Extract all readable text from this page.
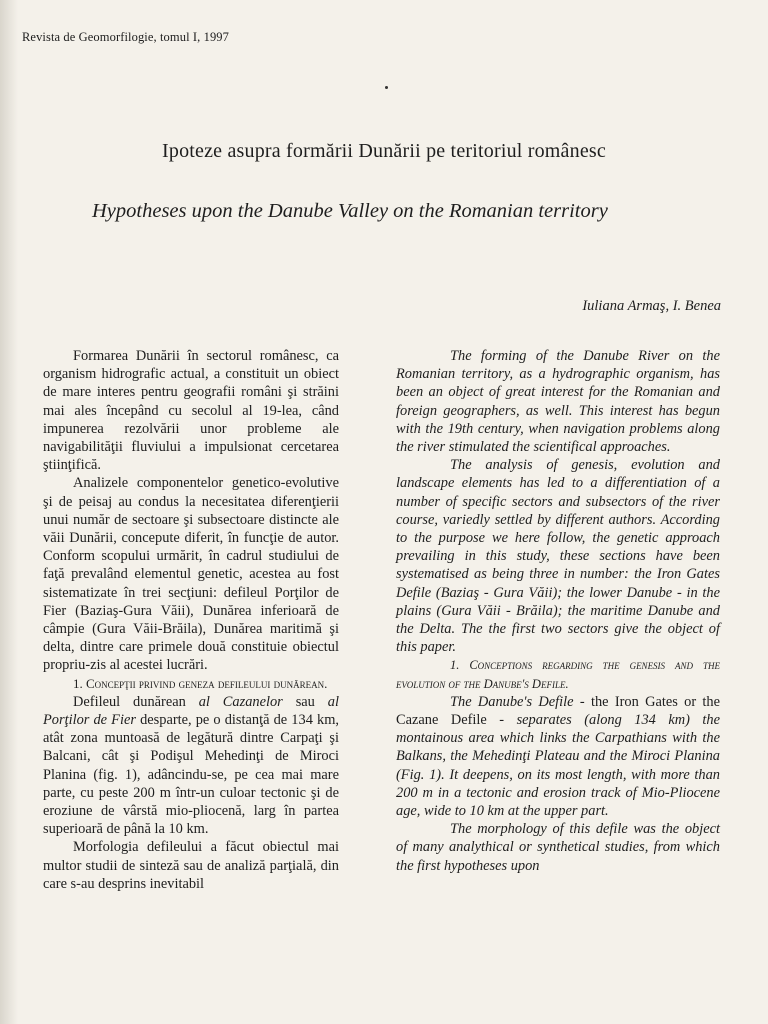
Revista de Geomorfilogie, tomul I, 1997
Ipoteze asupra formării Dunării pe teritoriul românesc
Hypotheses upon the Danube Valley on the Romanian territory
Iuliana Armaş, I. Benea

Formarea Dunării în sectorul românesc, ca organism hidrografic actual, a constituit un obiect de mare interes pentru geografii români şi străini mai ales începând cu secolul al 19-lea, când impunerea rezolvării unor probleme ale navigabilităţii fluviului a impulsionat cercetarea ştiinţifică.

Analizele componentelor genetico-evolutive şi de peisaj au condus la necesitatea diferenţierii unui număr de sectoare şi subsectoare distincte ale văii Dunării, concepute diferit, în funcţie de autor. Conform scopului urmărit, în cadrul studiului de faţă prevalând elementul genetic, acestea au fost sistematizate în trei secţiuni: defileul Porţilor de Fier (Baziaş-Gura Văii), Dunărea inferioară de câmpie (Gura Văii-Brăila), Dunărea maritimă şi delta, dintre care primele două constituie obiectul propriu-zis al acestei lucrări.

1. Concepţii privind geneza defileului dunărean.

Defileul dunărean al Cazanelor sau al Porţilor de Fier desparte, pe o distanţă de 134 km, atât zona muntoasă de legătură dintre Carpaţi şi Balcani, cât şi Podişul Mehedinţi de Miroci Planina (fig. 1), adâncindu-se, pe cea mai mare parte, cu peste 200 m într-un culoar tectonic şi de eroziune de vârstă mio-pliocenă, larg în partea superioară de până la 10 km.

Morfologia defileului a făcut obiectul mai multor studii de sinteză sau de analiză parţială, din care s-au desprins inevitabil

The forming of the Danube River on the Romanian territory, as a hydrographic organism, has been an object of great interest for the Romanian and foreign geographers, as well. This interest has begun with the 19th century, when navigation problems along the river stimulated the scientifical approaches.

The analysis of genesis, evolution and landscape elements has led to a differentiation of a number of specific sectors and subsectors of the river course, variedly settled by different authors. According to the purpose we here follow, the genetic approach prevailing in this study, these sections have been systematised as being three in number: the Iron Gates Defile (Baziaş - Gura Văii); the lower Danube - in the plains (Gura Văii - Brăila); the maritime Danube and the Delta. The the first two sectors give the object of this paper.

1. Conceptions regarding the genesis and the evolution of the Danube's Defile.

The Danube's Defile - the Iron Gates or the Cazane Defile - separates (along 134 km) the montainous area which links the Carpathians with the Balkans, the Mehedinţi Plateau and the Miroci Planina (Fig. 1). It deepens, on its most length, with more than 200 m in a tectonic and erosion track of Mio-Pliocene age, wide to 10 km at the upper part.

The morphology of this defile was the object of many analythical or synthetical studies, from which the first hypotheses upon
